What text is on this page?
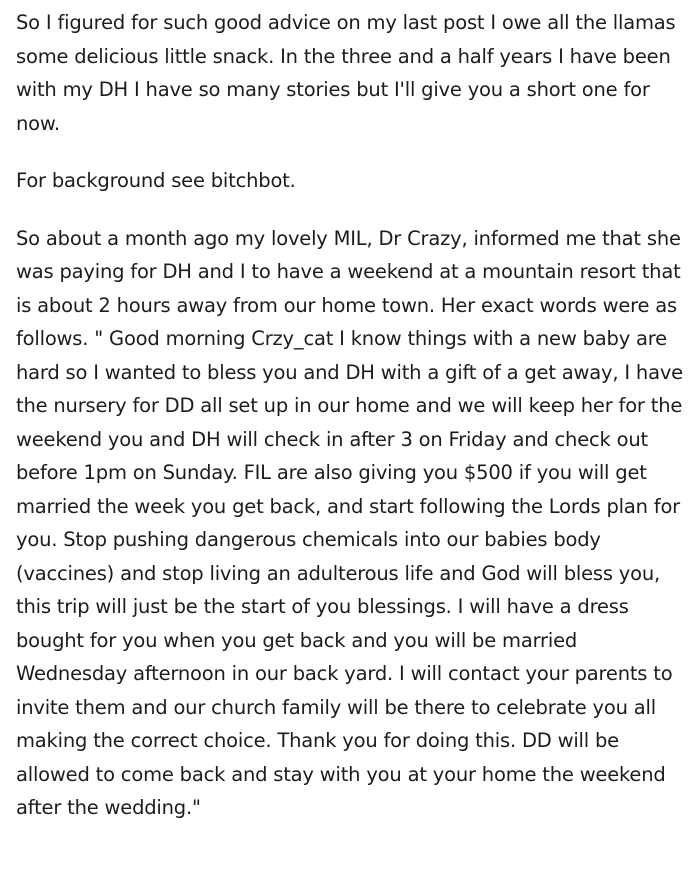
So I figured for such good advice on my last post I owe all the llamas some delicious little snack. In the three and a half years I have been with my DH I have so many stories but I'll give you a short one for now.

For background see bitchbot.

So about a month ago my lovely MIL, Dr Crazy, informed me that she was paying for DH and I to have a weekend at a mountain resort that is about 2 hours away from our home town. Her exact words were as follows. " Good morning Crzy_cat I know things with a new baby are hard so I wanted to bless you and DH with a gift of a get away, I have the nursery for DD all set up in our home and we will keep her for the weekend you and DH will check in after 3 on Friday and check out before 1pm on Sunday. FIL are also giving you $500 if you will get married the week you get back, and start following the Lords plan for you. Stop pushing dangerous chemicals into our babies body (vaccines) and stop living an adulterous life and God will bless you, this trip will just be the start of you blessings. I will have a dress bought for you when you get back and you will be married Wednesday afternoon in our back yard. I will contact your parents to invite them and our church family will be there to celebrate you all making the correct choice. Thank you for doing this. DD will be allowed to come back and stay with you at your home the weekend after the wedding."
